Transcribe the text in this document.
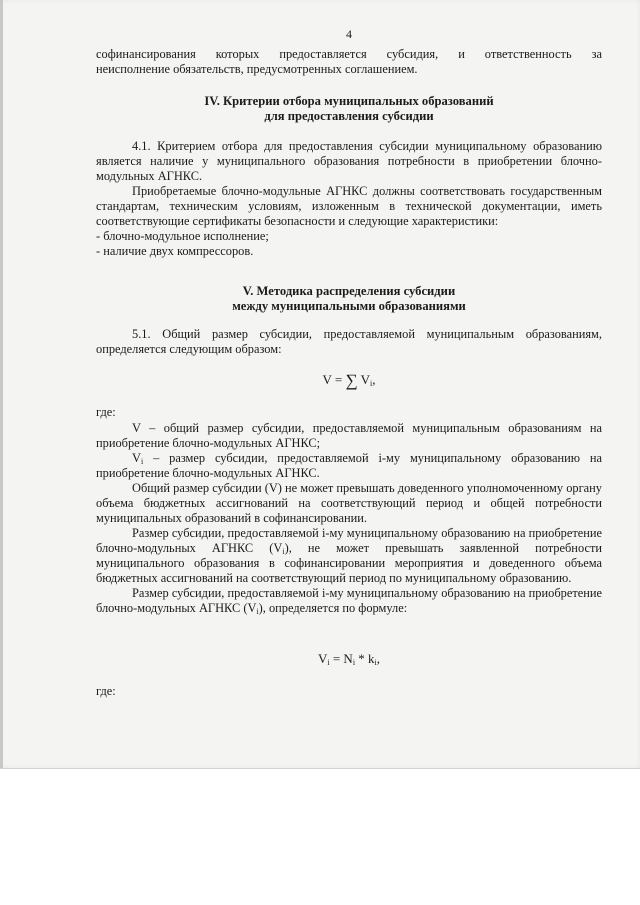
4

софинансирования которых предоставляется субсидия, и ответственность за

неисполнение обязательств, предусмотренных соглашением.

IV. Критерии отбора муниципальных образований

для предоставления субсидии

4.1. Критерием отбора для предоставления субсидии муниципальному образованию является наличие у муниципального образования потребности в приобретении блочно-модульных АГНКС.

Приобретаемые блочно-модульные АГНКС должны соответствовать государственным стандартам, техническим условиям, изложенным в технической документации, иметь соответствующие сертификаты безопасности и следующие характеристики:

- блочно-модульное исполнение;

- наличие двух компрессоров.

V. Методика распределения субсидии

между муниципальными образованиями

5.1. Общий размер субсидии, предоставляемой муниципальным образованиям, определяется следующим образом:

V = ∑ $V_i$,

где:

V – общий размер субсидии, предоставляемой муниципальным образованиям на приобретение блочно-модульных АГНКС;

$V_i$ – размер субсидии, предоставляемой i-му муниципальному образованию на приобретение блочно-модульных АГНКС.

Общий размер субсидии (V) не может превышать доведенного уполномоченному органу объема бюджетных ассигнований на соответствующий период и общей потребности муниципальных образований в софинансировании.

Размер субсидии, предоставляемой i-му муниципальному образованию на приобретение блочно-модульных АГНКС $(V_i)$, не может превышать заявленной потребности муниципального образования в софинансировании мероприятия и доведенного объема бюджетных ассигнований на соответствующий период по муниципальному образованию.

Размер субсидии, предоставляемой i-му муниципальному образованию на приобретение блочно-модульных АГНКС $(V_i)$, определяется по формуле:

$V_i = N_i * k_i$,

где:
